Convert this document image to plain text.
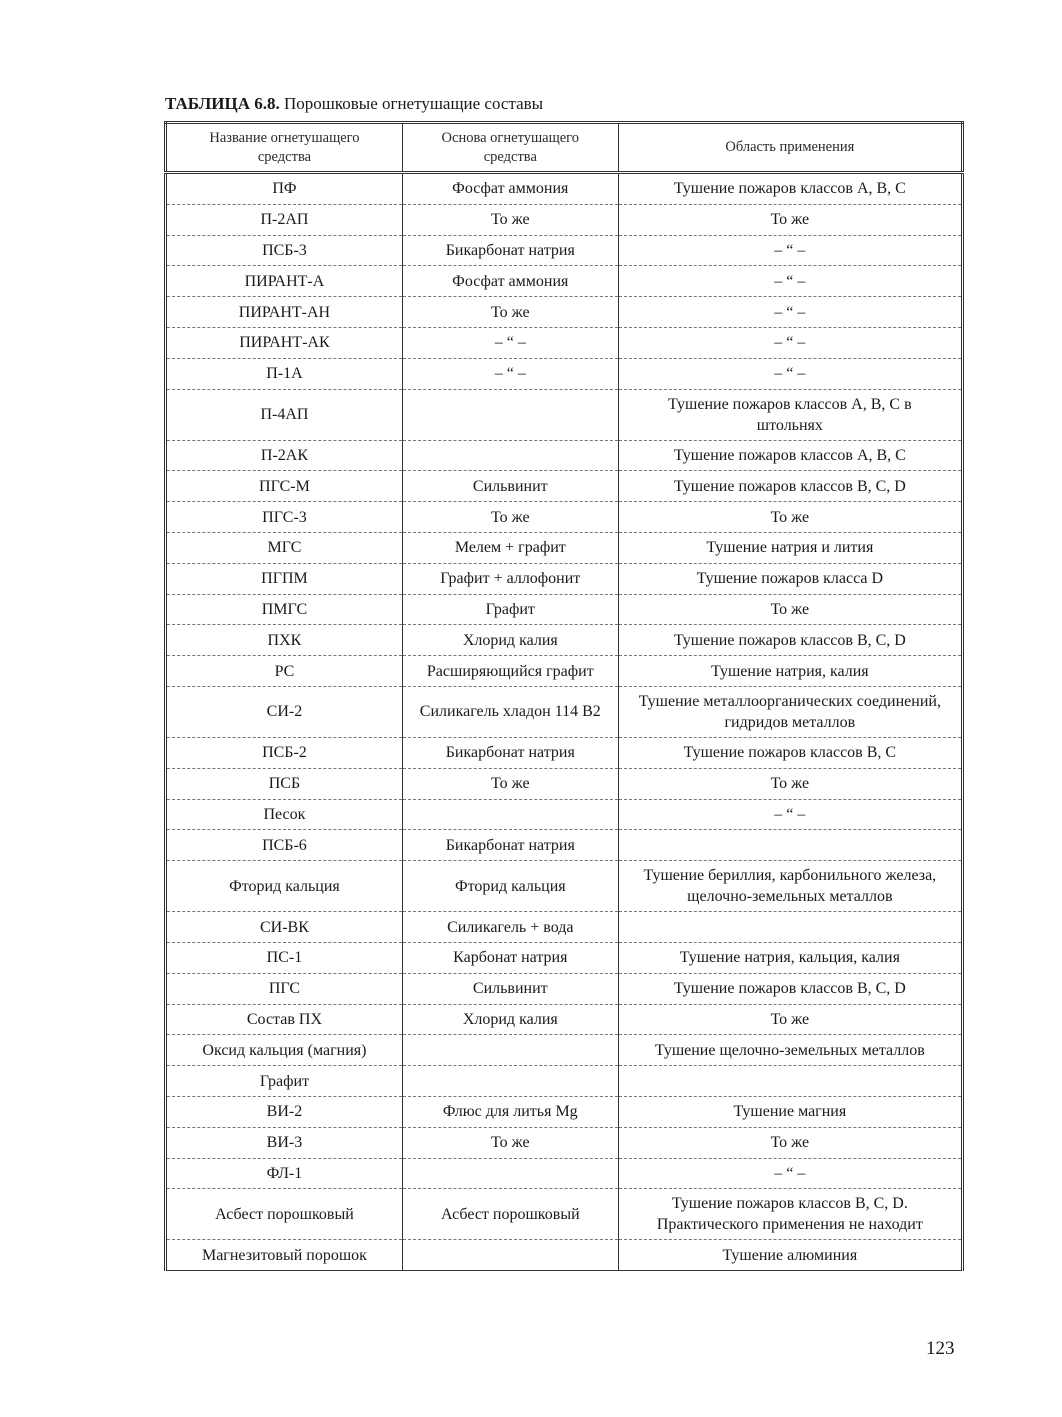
ТАБЛИЦА 6.8. Порошковые огнетушащие составы
Название огнетушащего средства	Основа огнетушащего средства	Область применения
ПФ	Фосфат аммония	Тушение пожаров классов А, В, С
П-2АП	То же	То же
ПСБ-3	Бикарбонат натрия	– “ –
ПИРАНТ-А	Фосфат аммония	– “ –
ПИРАНТ-АН	То же	– “ –
ПИРАНТ-АК	– “ –	– “ –
П-1А	– “ –	– “ –
П-4АП		Тушение пожаров классов А, В, С в штольнях
П-2АК		Тушение пожаров классов А, В, С
ПГС-М	Сильвинит	Тушение пожаров классов В, С, D
ПГС-3	То же	То же
МГС	Мелем + графит	Тушение натрия и лития
ПГПМ	Графит + аллофонит	Тушение пожаров класса D
ПМГС	Графит	То же
ПХК	Хлорид калия	Тушение пожаров классов В, С, D
РС	Расширяющийся графит	Тушение натрия, калия
СИ-2	Силикагель хладон 114 В2	Тушение металлоорганических соединений, гидридов металлов
ПСБ-2	Бикарбонат натрия	Тушение пожаров классов В, С
ПСБ	То же	То же
Песок		– “ –
ПСБ-6	Бикарбонат натрия	
Фторид кальция	Фторид кальция	Тушение бериллия, карбонильного железа, щелочно-земельных металлов
СИ-ВК	Силикагель + вода	
ПС-1	Карбонат натрия	Тушение натрия, кальция, калия
ПГС	Сильвинит	Тушение пожаров классов В, С, D
Состав ПХ	Хлорид калия	То же
Оксид кальция (магния)		Тушение щелочно-земельных металлов
Графит		
ВИ-2	Флюс для литья Mg	Тушение магния
ВИ-3	То же	То же
ФЛ-1		– “ –
Асбест порошковый	Асбест порошковый	Тушение пожаров классов В, С, D. Практического применения не находит
Магнезитовый порошок		Тушение алюминия
123
